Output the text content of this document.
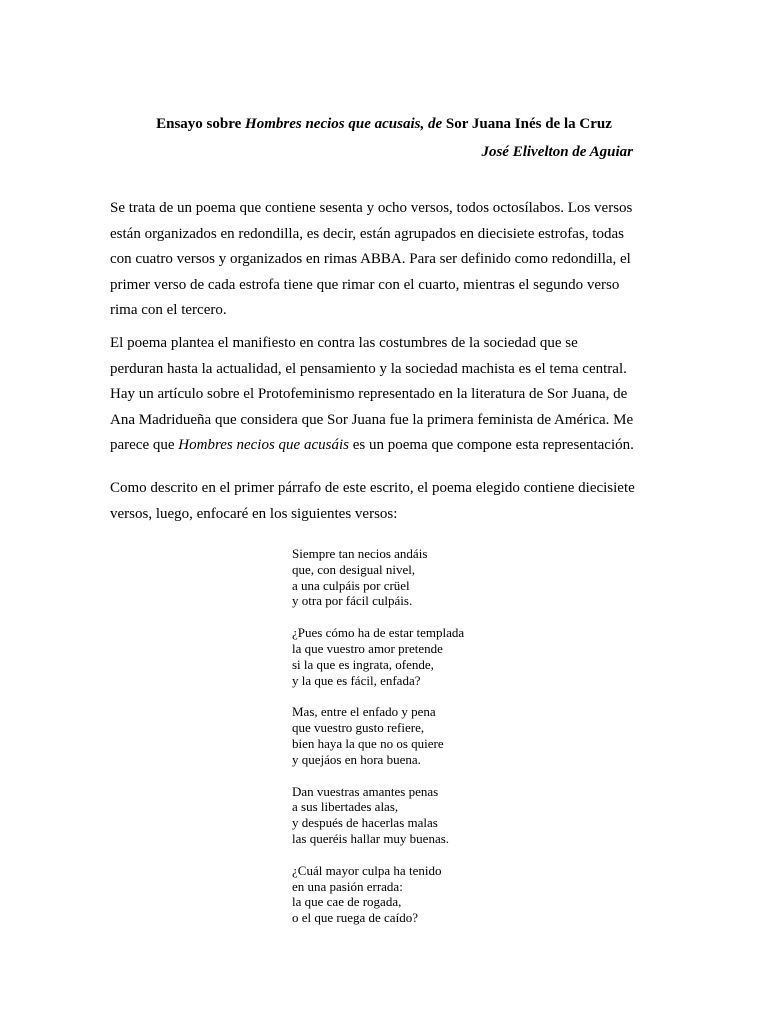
Ensayo sobre Hombres necios que acusais, de Sor Juana Inés de la Cruz
José Elivelton de Aguiar

Se trata de un poema que contiene sesenta y ocho versos, todos octosílabos. Los versos
están organizados en redondilla, es decir, están agrupados en diecisiete estrofas, todas
con cuatro versos y organizados en rimas ABBA. Para ser definido como redondilla, el
primer verso de cada estrofa tiene que rimar con el cuarto, mientras el segundo verso
rima con el tercero.

El poema plantea el manifiesto en contra las costumbres de la sociedad que se
perduran hasta la actualidad, el pensamiento y la sociedad machista es el tema central.
Hay un artículo sobre el Protofeminismo representado en la literatura de Sor Juana, de
Ana Madridueña que considera que Sor Juana fue la primera feminista de América. Me
parece que Hombres necios que acusáis es un poema que compone esta representación.

Como descrito en el primer párrafo de este escrito, el poema elegido contiene diecisiete
versos, luego, enfocaré en los siguientes versos:

Siempre tan necios andáis
que, con desigual nivel,
a una culpáis por crüel
y otra por fácil culpáis.
¿Pues cómo ha de estar templada
la que vuestro amor pretende
si la que es ingrata, ofende,
y la que es fácil, enfada?
Mas, entre el enfado y pena
que vuestro gusto refiere,
bien haya la que no os quiere
y quejáos en hora buena.
Dan vuestras amantes penas
a sus libertades alas,
y después de hacerlas malas
las queréis hallar muy buenas.
¿Cuál mayor culpa ha tenido
en una pasión errada:
la que cae de rogada,
o el que ruega de caído?
